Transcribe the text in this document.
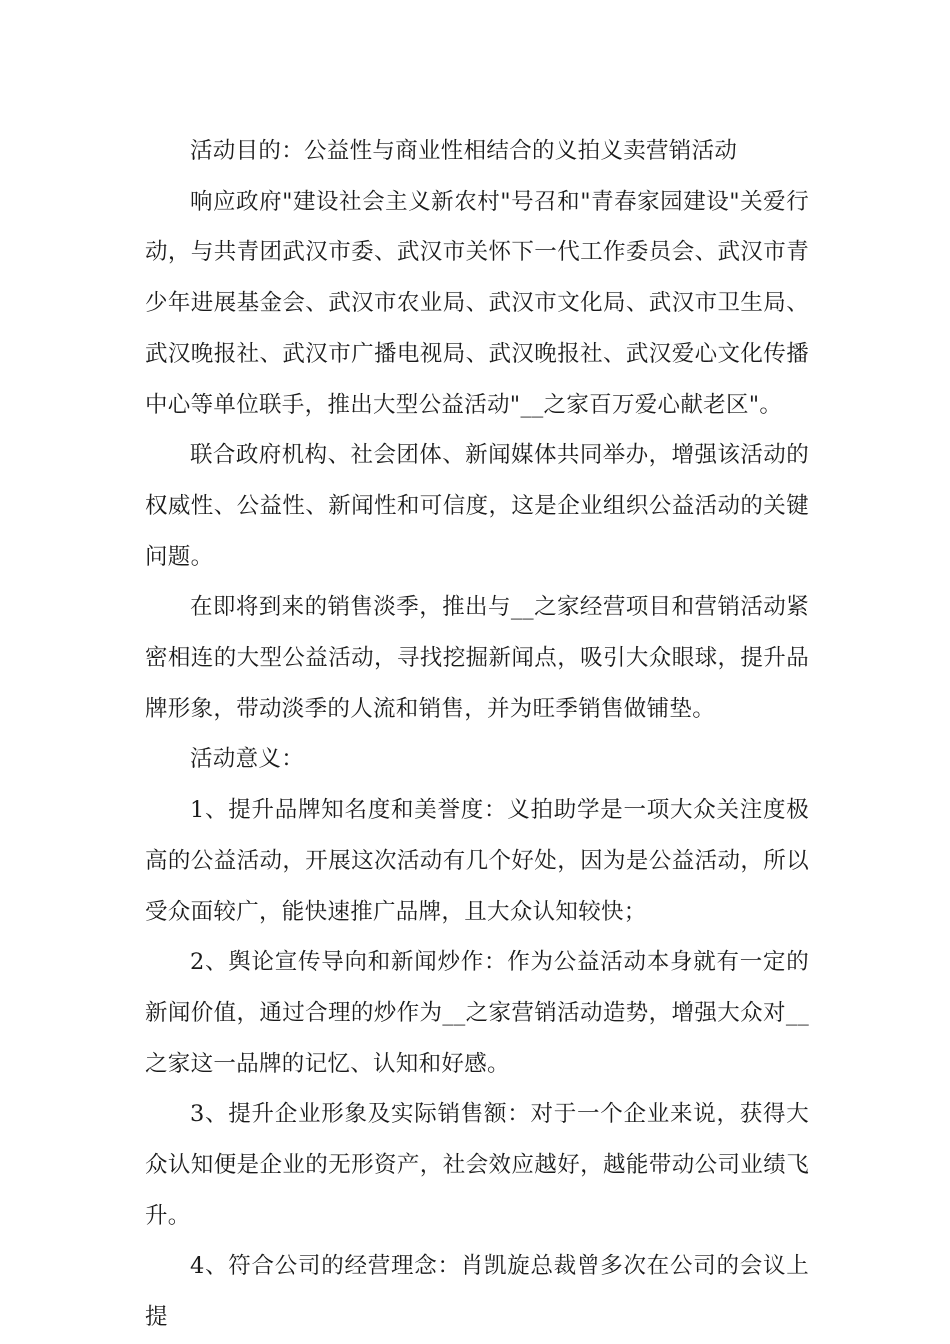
活动目的：公益性与商业性相结合的义拍义卖营销活动

响应政府"建设社会主义新农村"号召和"青春家园建设"关爱行动，与共青团武汉市委、武汉市关怀下一代工作委员会、武汉市青少年进展基金会、武汉市农业局、武汉市文化局、武汉市卫生局、武汉晚报社、武汉市广播电视局、武汉晚报社、武汉爱心文化传播中心等单位联手，推出大型公益活动"__之家百万爱心献老区"。

联合政府机构、社会团体、新闻媒体共同举办，增强该活动的权威性、公益性、新闻性和可信度，这是企业组织公益活动的关键问题。

在即将到来的销售淡季，推出与__之家经营项目和营销活动紧密相连的大型公益活动，寻找挖掘新闻点，吸引大众眼球，提升品牌形象，带动淡季的人流和销售，并为旺季销售做铺垫。

活动意义：

1、提升品牌知名度和美誉度：义拍助学是一项大众关注度极高的公益活动，开展这次活动有几个好处，因为是公益活动，所以受众面较广，能快速推广品牌，且大众认知较快；

2、舆论宣传导向和新闻炒作：作为公益活动本身就有一定的新闻价值，通过合理的炒作为__之家营销活动造势，增强大众对__之家这一品牌的记忆、认知和好感。

3、提升企业形象及实际销售额：对于一个企业来说，获得大众认知便是企业的无形资产，社会效应越好，越能带动公司业绩飞升。

4、符合公司的经营理念：肖凯旋总裁曾多次在公司的会议上提
